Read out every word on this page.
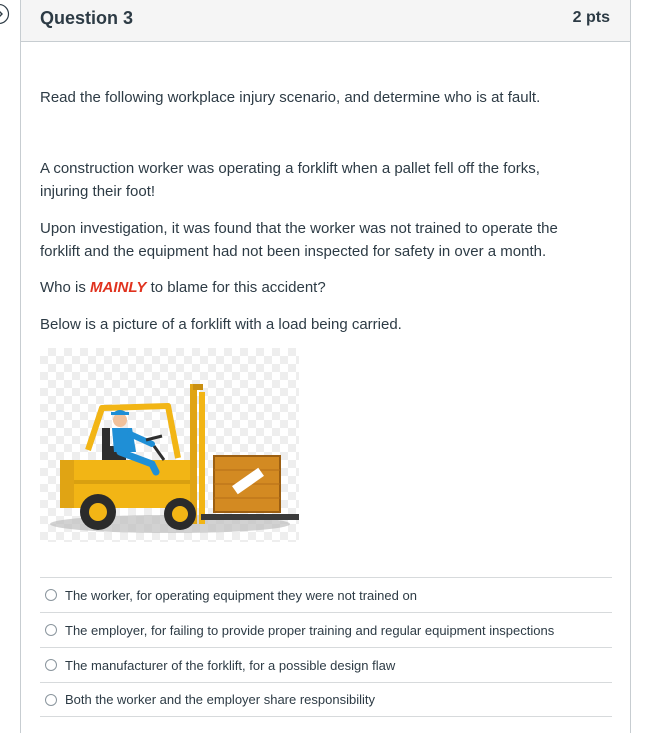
Question 3	2 pts
Read the following workplace injury scenario, and determine who is at fault.
A construction worker was operating a forklift when a pallet fell off the forks,
injuring their foot!
Upon investigation, it was found that the worker was not trained to operate the
forklift and the equipment had not been inspected for safety in over a month.
Who is MAINLY to blame for this accident?
Below is a picture of a forklift with a load being carried.
The worker, for operating equipment they were not trained on
The employer, for failing to provide proper training and regular equipment inspections
The manufacturer of the forklift, for a possible design flaw
Both the worker and the employer share responsibility
